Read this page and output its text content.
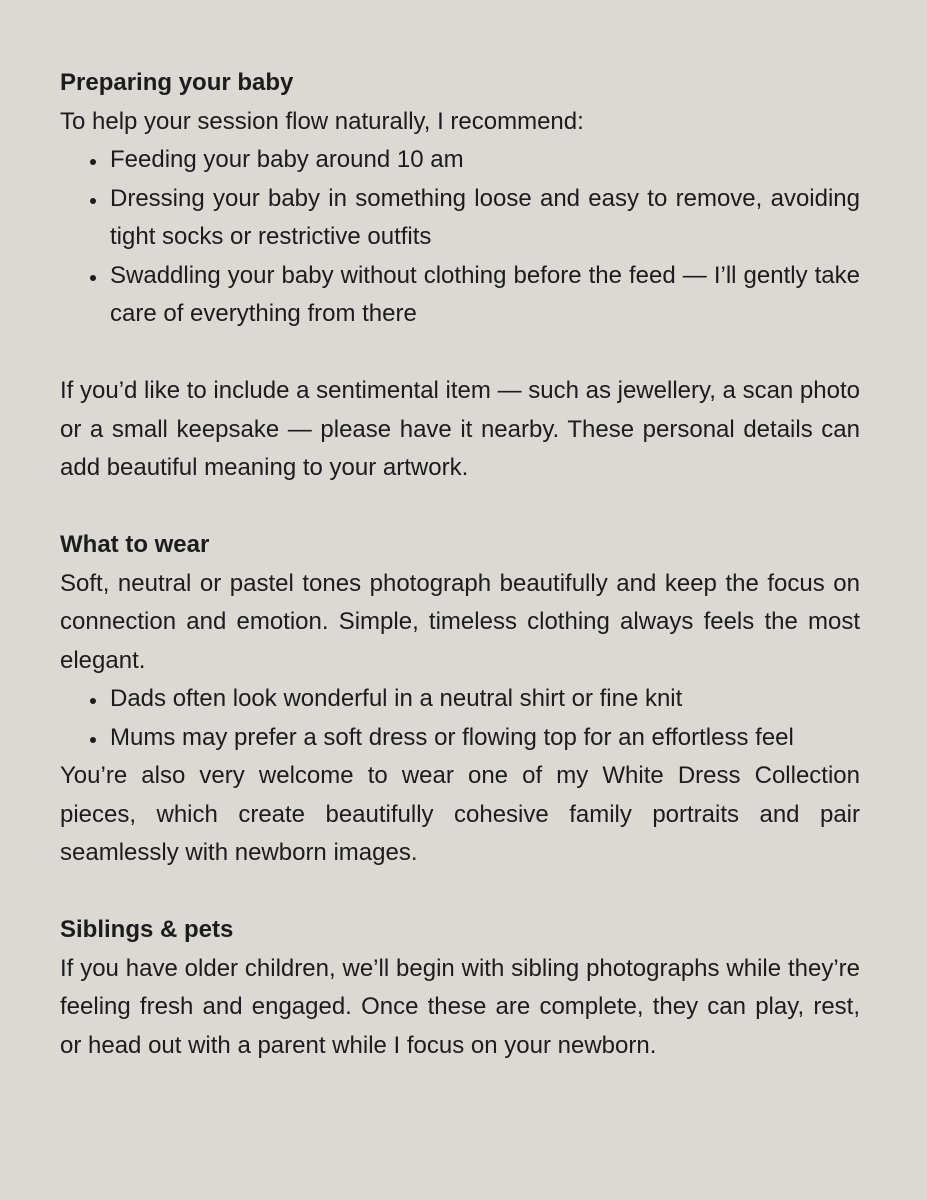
Preparing your baby

To help your session flow naturally, I recommend:

• Feeding your baby around 10 am
• Dressing your baby in something loose and easy to remove, avoiding tight socks or restrictive outfits
• Swaddling your baby without clothing before the feed — I’ll gently take care of everything from there

If you’d like to include a sentimental item — such as jewellery, a scan photo or a small keepsake — please have it nearby. These personal details can add beautiful meaning to your artwork.

What to wear

Soft, neutral or pastel tones photograph beautifully and keep the focus on connection and emotion. Simple, timeless clothing always feels the most elegant.

• Dads often look wonderful in a neutral shirt or fine knit
• Mums may prefer a soft dress or flowing top for an effortless feel

You’re also very welcome to wear one of my White Dress Collection pieces, which create beautifully cohesive family portraits and pair seamlessly with newborn images.

Siblings & pets

If you have older children, we’ll begin with sibling photographs while they’re feeling fresh and engaged. Once these are complete, they can play, rest, or head out with a parent while I focus on your newborn.
